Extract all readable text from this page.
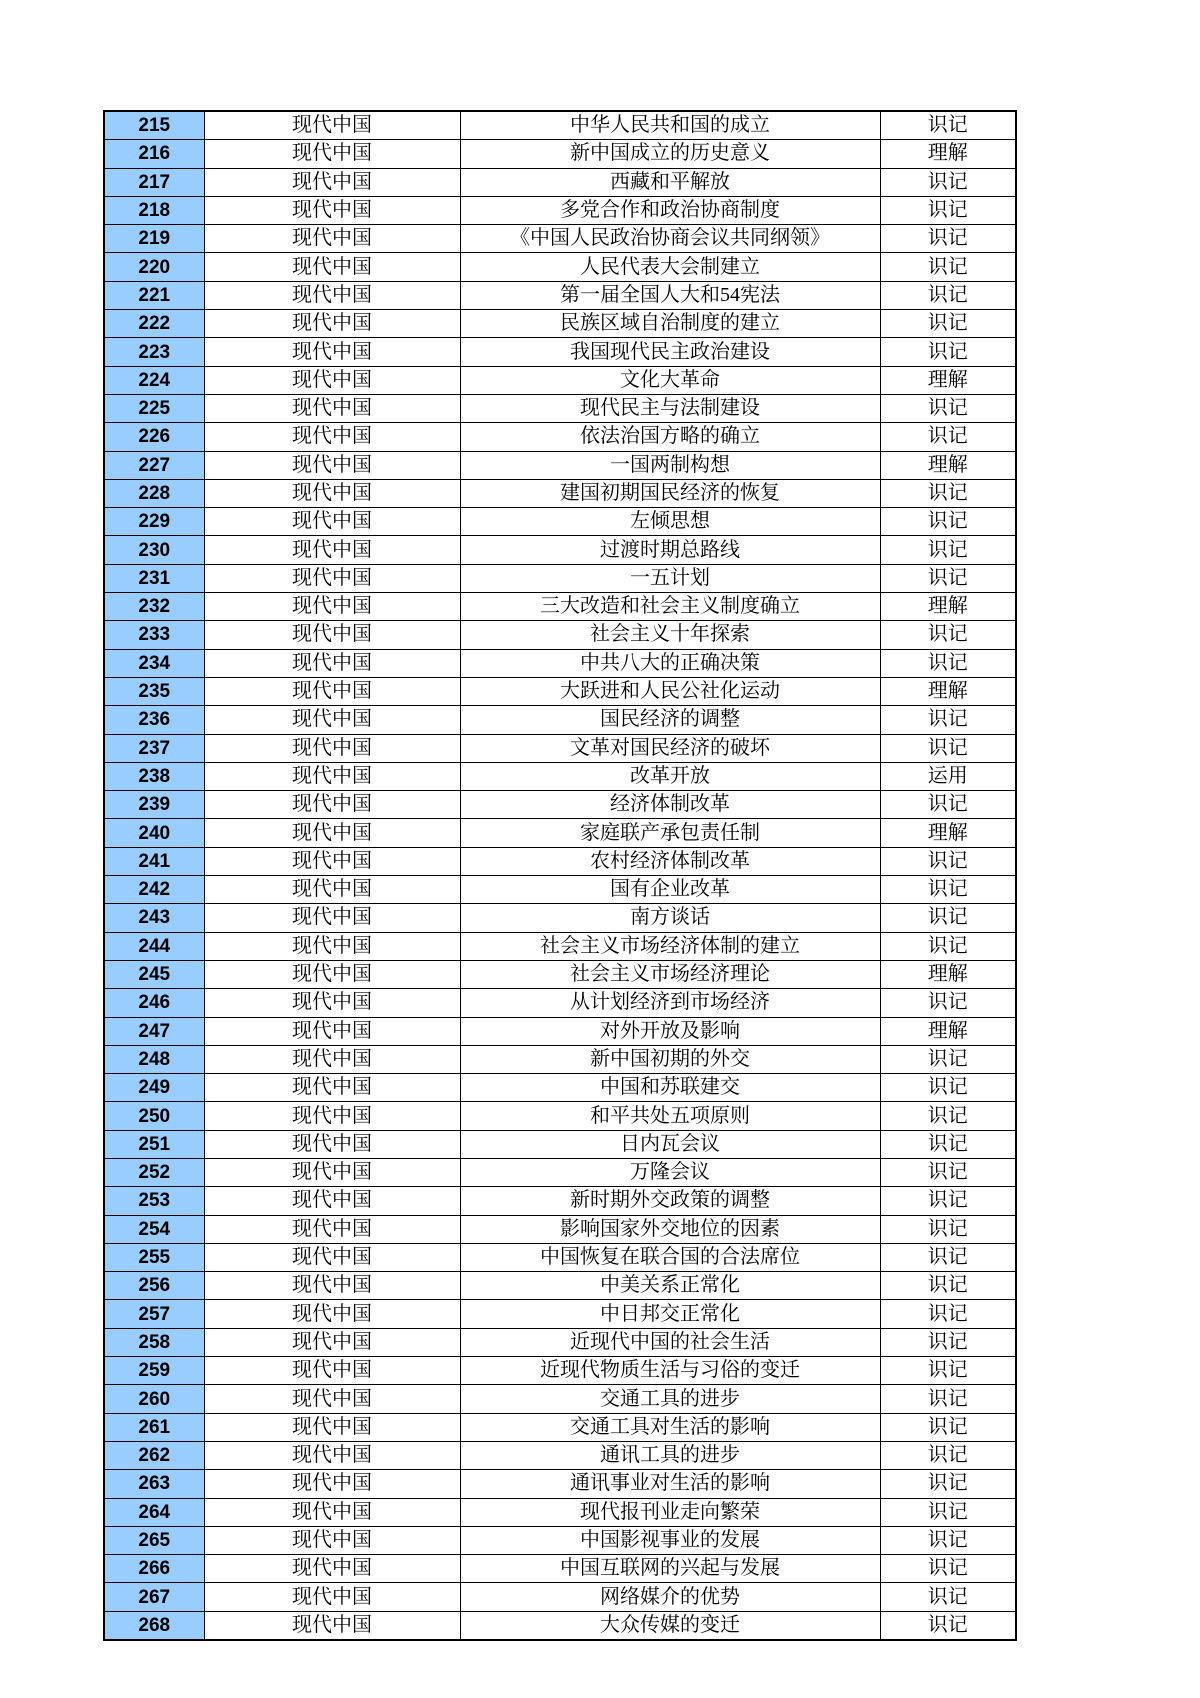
215	现代中国	中华人民共和国的成立	识记
216	现代中国	新中国成立的历史意义	理解
217	现代中国	西藏和平解放	识记
218	现代中国	多党合作和政治协商制度	识记
219	现代中国	《中国人民政治协商会议共同纲领》	识记
220	现代中国	人民代表大会制建立	识记
221	现代中国	第一届全国人大和54宪法	识记
222	现代中国	民族区域自治制度的建立	识记
223	现代中国	我国现代民主政治建设	识记
224	现代中国	文化大革命	理解
225	现代中国	现代民主与法制建设	识记
226	现代中国	依法治国方略的确立	识记
227	现代中国	一国两制构想	理解
228	现代中国	建国初期国民经济的恢复	识记
229	现代中国	左倾思想	识记
230	现代中国	过渡时期总路线	识记
231	现代中国	一五计划	识记
232	现代中国	三大改造和社会主义制度确立	理解
233	现代中国	社会主义十年探索	识记
234	现代中国	中共八大的正确决策	识记
235	现代中国	大跃进和人民公社化运动	理解
236	现代中国	国民经济的调整	识记
237	现代中国	文革对国民经济的破坏	识记
238	现代中国	改革开放	运用
239	现代中国	经济体制改革	识记
240	现代中国	家庭联产承包责任制	理解
241	现代中国	农村经济体制改革	识记
242	现代中国	国有企业改革	识记
243	现代中国	南方谈话	识记
244	现代中国	社会主义市场经济体制的建立	识记
245	现代中国	社会主义市场经济理论	理解
246	现代中国	从计划经济到市场经济	识记
247	现代中国	对外开放及影响	理解
248	现代中国	新中国初期的外交	识记
249	现代中国	中国和苏联建交	识记
250	现代中国	和平共处五项原则	识记
251	现代中国	日内瓦会议	识记
252	现代中国	万隆会议	识记
253	现代中国	新时期外交政策的调整	识记
254	现代中国	影响国家外交地位的因素	识记
255	现代中国	中国恢复在联合国的合法席位	识记
256	现代中国	中美关系正常化	识记
257	现代中国	中日邦交正常化	识记
258	现代中国	近现代中国的社会生活	识记
259	现代中国	近现代物质生活与习俗的变迁	识记
260	现代中国	交通工具的进步	识记
261	现代中国	交通工具对生活的影响	识记
262	现代中国	通讯工具的进步	识记
263	现代中国	通讯事业对生活的影响	识记
264	现代中国	现代报刊业走向繁荣	识记
265	现代中国	中国影视事业的发展	识记
266	现代中国	中国互联网的兴起与发展	识记
267	现代中国	网络媒介的优势	识记
268	现代中国	大众传媒的变迁	识记
